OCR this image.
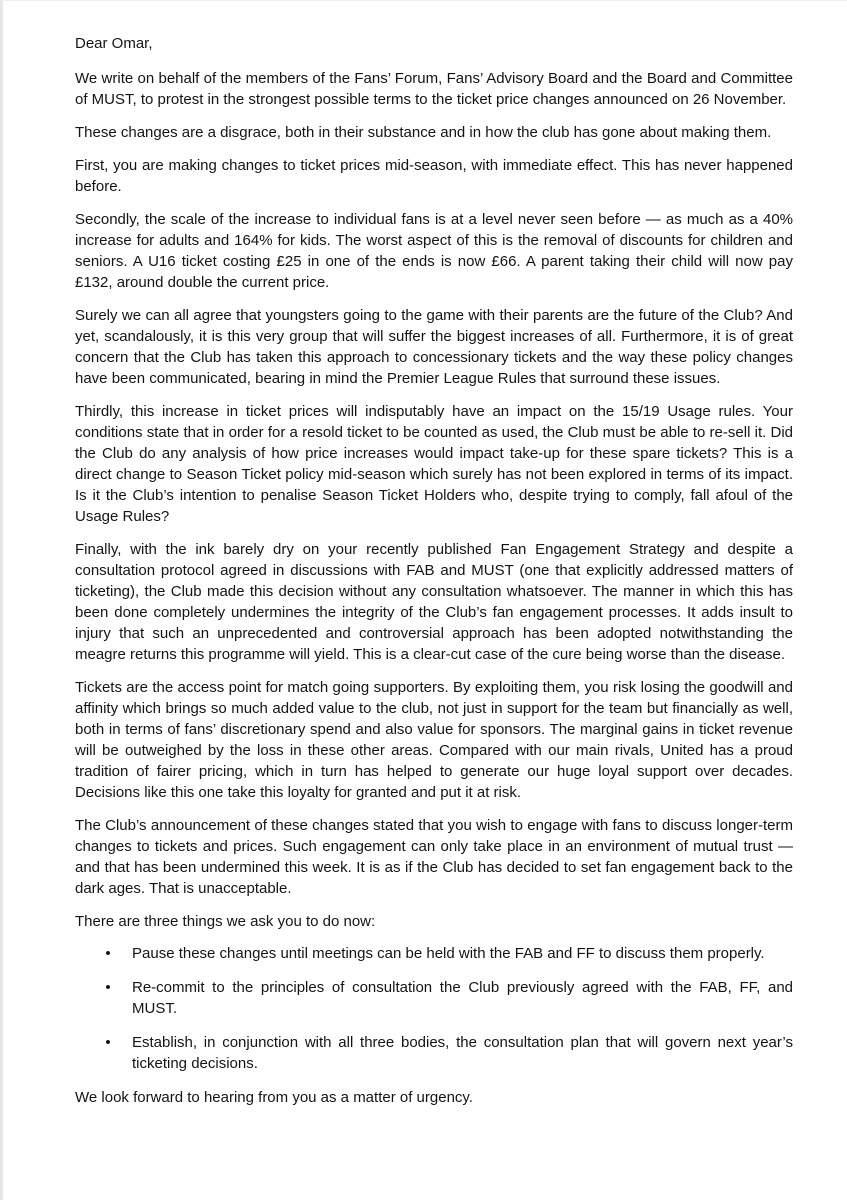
Dear Omar,

We write on behalf of the members of the Fans’ Forum, Fans’ Advisory Board and the Board and Committee of MUST, to protest in the strongest possible terms to the ticket price changes announced on 26 November.

These changes are a disgrace, both in their substance and in how the club has gone about making them.

First, you are making changes to ticket prices mid-season, with immediate effect. This has never happened before.

Secondly, the scale of the increase to individual fans is at a level never seen before — as much as a 40% increase for adults and 164% for kids. The worst aspect of this is the removal of discounts for children and seniors. A U16 ticket costing £25 in one of the ends is now £66. A parent taking their child will now pay £132, around double the current price.

Surely we can all agree that youngsters going to the game with their parents are the future of the Club? And yet, scandalously, it is this very group that will suffer the biggest increases of all. Furthermore, it is of great concern that the Club has taken this approach to concessionary tickets and the way these policy changes have been communicated, bearing in mind the Premier League Rules that surround these issues.

Thirdly, this increase in ticket prices will indisputably have an impact on the 15/19 Usage rules. Your conditions state that in order for a resold ticket to be counted as used, the Club must be able to re-sell it. Did the Club do any analysis of how price increases would impact take-up for these spare tickets? This is a direct change to Season Ticket policy mid-season which surely has not been explored in terms of its impact. Is it the Club’s intention to penalise Season Ticket Holders who, despite trying to comply, fall afoul of the Usage Rules?

Finally, with the ink barely dry on your recently published Fan Engagement Strategy and despite a consultation protocol agreed in discussions with FAB and MUST (one that explicitly addressed matters of ticketing), the Club made this decision without any consultation whatsoever. The manner in which this has been done completely undermines the integrity of the Club’s fan engagement processes. It adds insult to injury that such an unprecedented and controversial approach has been adopted notwithstanding the meagre returns this programme will yield. This is a clear-cut case of the cure being worse than the disease.

Tickets are the access point for match going supporters. By exploiting them, you risk losing the goodwill and affinity which brings so much added value to the club, not just in support for the team but financially as well, both in terms of fans’ discretionary spend and also value for sponsors. The marginal gains in ticket revenue will be outweighed by the loss in these other areas. Compared with our main rivals, United has a proud tradition of fairer pricing, which in turn has helped to generate our huge loyal support over decades. Decisions like this one take this loyalty for granted and put it at risk.

The Club’s announcement of these changes stated that you wish to engage with fans to discuss longer-term changes to tickets and prices. Such engagement can only take place in an environment of mutual trust — and that has been undermined this week. It is as if the Club has decided to set fan engagement back to the dark ages. That is unacceptable.

There are three things we ask you to do now:

• Pause these changes until meetings can be held with the FAB and FF to discuss them properly.
• Re-commit to the principles of consultation the Club previously agreed with the FAB, FF, and MUST.
• Establish, in conjunction with all three bodies, the consultation plan that will govern next year’s ticketing decisions.

We look forward to hearing from you as a matter of urgency.
